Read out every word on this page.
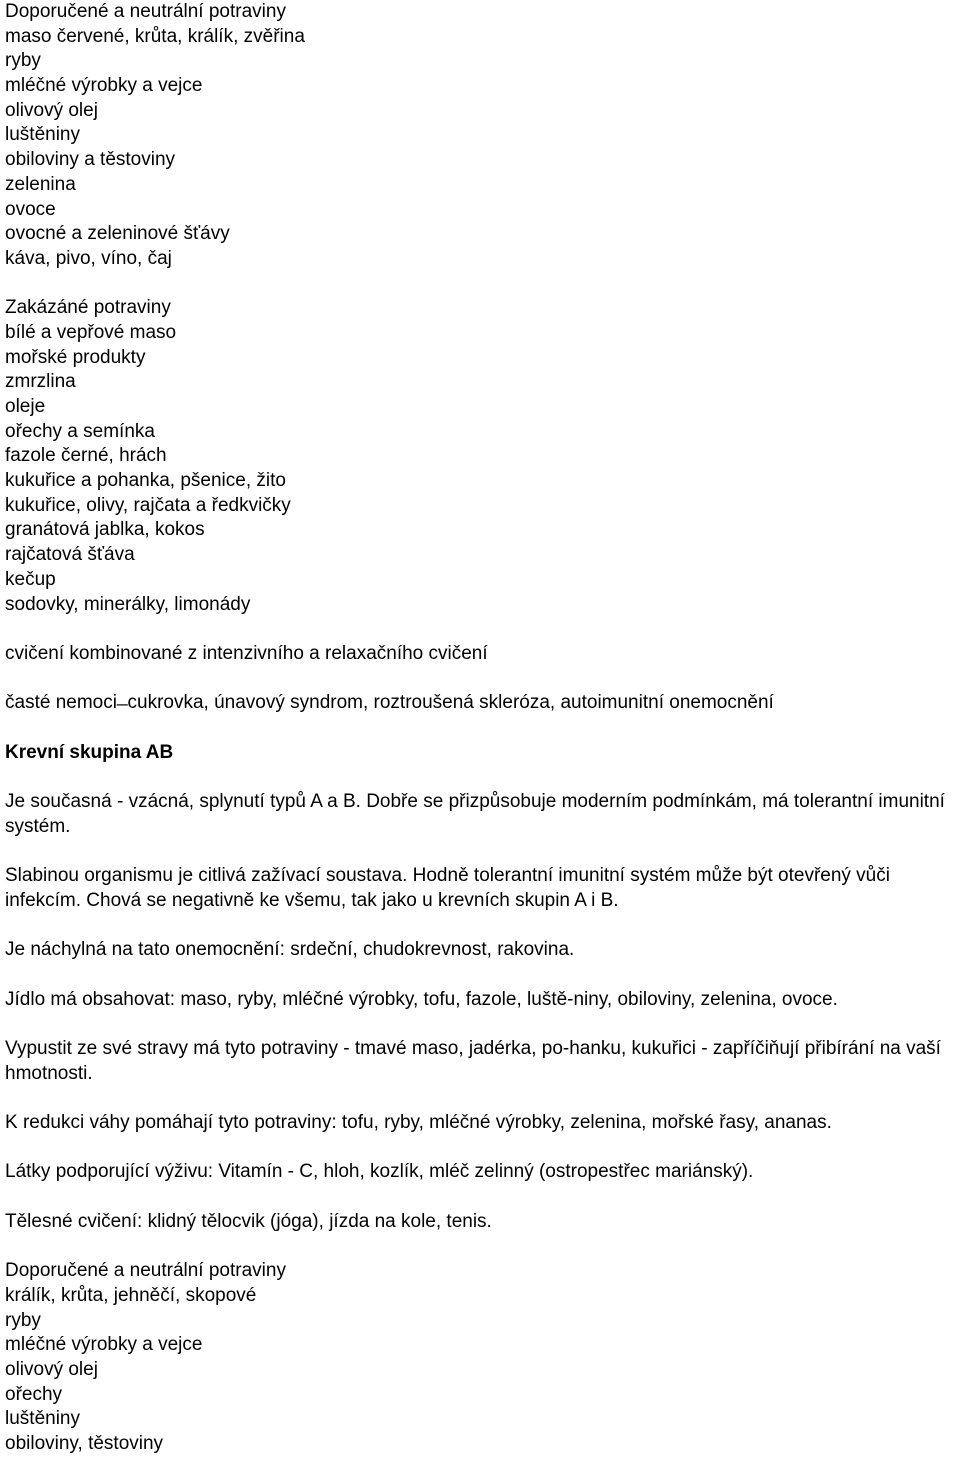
Doporučené a neutrální potraviny
maso červené, krůta, králík, zvěřina
ryby
mléčné výrobky a vejce
olivový olej
luštěniny
obiloviny a těstoviny
zelenina
ovoce
ovocné a zeleninové šťávy
káva, pivo, víno, čaj
Zakázáné potraviny
bílé a vepřové maso
mořské produkty
zmrzlina
oleje
ořechy a semínka
fazole černé, hrách
kukuřice a pohanka, pšenice, žito
kukuřice, olivy, rajčata a ředkvičky
granátová jablka, kokos
rajčatová šťáva
kečup
sodovky, minerálky, limonády
cvičení kombinované z intenzivního a relaxačního cvičení
časté nemoci ̶ cukrovka, únavový syndrom, roztroušená skleróza, autoimunitní onemocnění
Krevní skupina AB
Je současná - vzácná, splynutí typů A a B. Dobře se přizpůsobuje moderním podmínkám, má tolerantní imunitní systém.
Slabinou organismu je citlivá zažívací soustava. Hodně tolerantní imunitní systém může být otevřený vůči infekcím. Chová se negativně ke všemu, tak jako u krevních skupin A i B.
Je náchylná na tato onemocnění: srdeční, chudokrevnost, rakovina.
Jídlo má obsahovat: maso, ryby, mléčné výrobky, tofu, fazole, luště-niny, obiloviny, zelenina, ovoce.
Vypustit ze své stravy má tyto potraviny - tmavé maso, jadérka, po-hanku, kukuřici - zapříčiňují přibírání na vaší hmotnosti.
K redukci váhy pomáhají tyto potraviny: tofu, ryby, mléčné výrobky, zelenina, mořské řasy, ananas.
Látky podporující výživu: Vitamín - C, hloh, kozlík, mléč zelinný (ostropestřec mariánský).
Tělesné cvičení: klidný tělocvik (jóga), jízda na kole, tenis.
Doporučené a neutrální potraviny
králík, krůta, jehněčí, skopové
ryby
mléčné výrobky a vejce
olivový olej
ořechy
luštěniny
obiloviny, těstoviny
